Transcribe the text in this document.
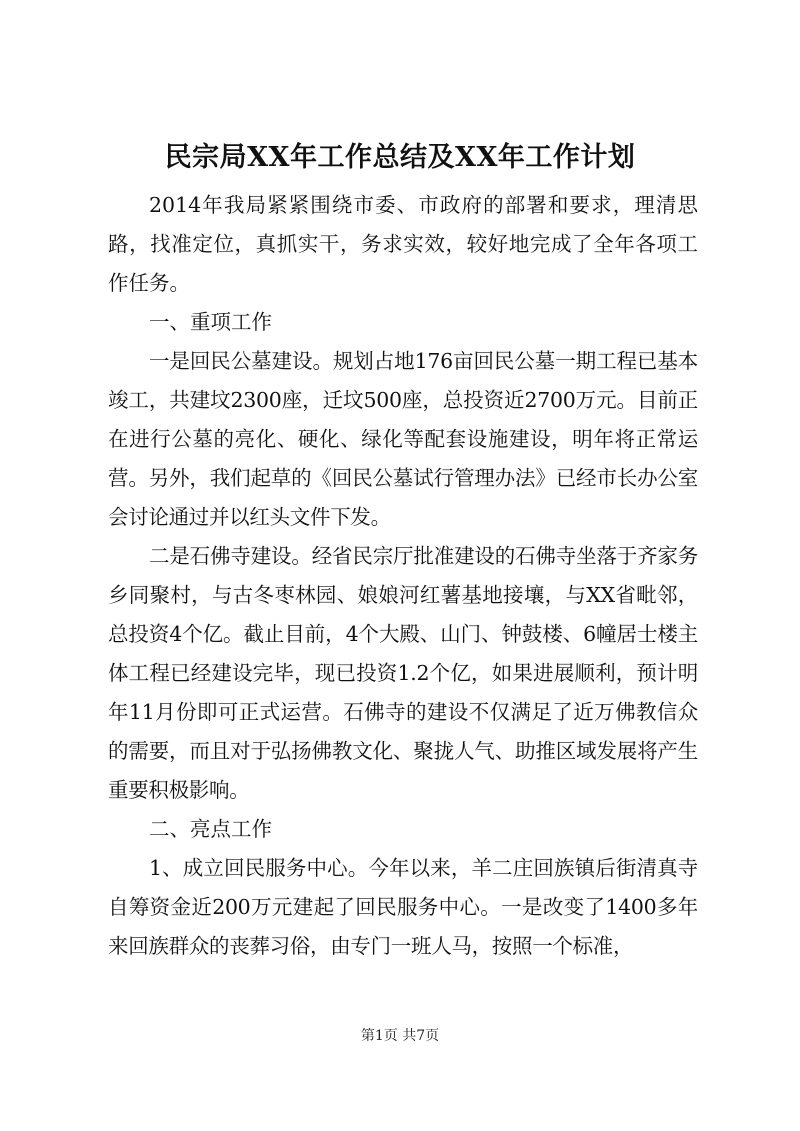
民宗局XX年工作总结及XX年工作计划

2014年我局紧紧围绕市委、市政府的部署和要求，理清思路，找准定位，真抓实干，务求实效，较好地完成了全年各项工作任务。

一、重项工作

一是回民公墓建设。规划占地176亩回民公墓一期工程已基本竣工，共建坟2300座，迁坟500座，总投资近2700万元。目前正在进行公墓的亮化、硬化、绿化等配套设施建设，明年将正常运营。另外，我们起草的《回民公墓试行管理办法》已经市长办公室会讨论通过并以红头文件下发。

二是石佛寺建设。经省民宗厅批准建设的石佛寺坐落于齐家务乡同聚村，与古冬枣林园、娘娘河红薯基地接壤，与XX省毗邻，总投资4个亿。截止目前，4个大殿、山门、钟鼓楼、6幢居士楼主体工程已经建设完毕，现已投资1.2个亿，如果进展顺利，预计明年11月份即可正式运营。石佛寺的建设不仅满足了近万佛教信众的需要，而且对于弘扬佛教文化、聚拢人气、助推区域发展将产生重要积极影响。

二、亮点工作

1、成立回民服务中心。今年以来，羊二庄回族镇后街清真寺自筹资金近200万元建起了回民服务中心。一是改变了1400多年来回族群众的丧葬习俗，由专门一班人马，按照一个标准，

第1页 共7页
